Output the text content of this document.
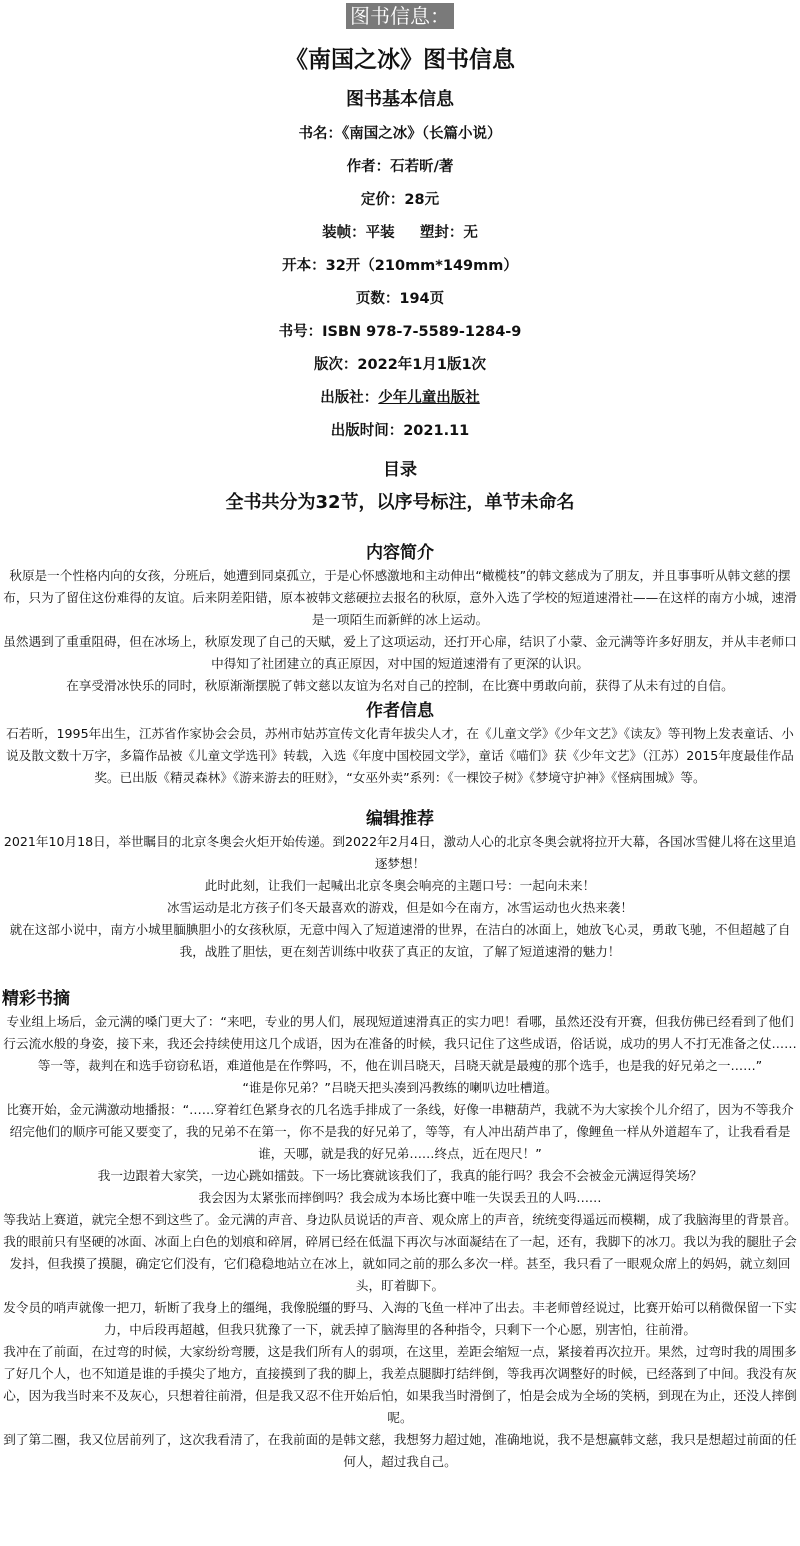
图书信息：
《南国之冰》图书信息
图书基本信息
书名：《南国之冰》（长篇小说）
作者：石若昕/著
定价：28元
装帧：平装 塑封：无
开本：32开（210mm*149mm）
页数：194页
书号：ISBN 978-7-5589-1284-9
版次：2022年1月1版1次
出版社：少年儿童出版社
出版时间：2021.11
目录
全书共分为32节，以序号标注，单节未命名
内容简介

秋原是一个性格内向的女孩，分班后，她遭到同桌孤立，于是心怀感激地和主动伸出“橄榄枝”的韩文慈成为了朋友，并且事事听从韩文慈的摆布，只为了留住这份难得的友谊。后来阴差阳错，原本被韩文慈硬拉去报名的秋原，意外入选了学校的短道速滑社——在这样的南方小城，速滑是一项陌生而新鲜的冰上运动。

虽然遇到了重重阻碍，但在冰场上，秋原发现了自己的天赋，爱上了这项运动，还打开心扉，结识了小蒙、金元满等许多好朋友，并从丰老师口中得知了社团建立的真正原因，对中国的短道速滑有了更深的认识。

在享受滑冰快乐的同时，秋原渐渐摆脱了韩文慈以友谊为名对自己的控制，在比赛中勇敢向前，获得了从未有过的自信。

作者信息

石若昕，1995年出生，江苏省作家协会会员，苏州市姑苏宣传文化青年拔尖人才，在《儿童文学》《少年文艺》《读友》等刊物上发表童话、小说及散文数十万字，多篇作品被《儿童文学选刊》转载，入选《年度中国校园文学》，童话《喵们》获《少年文艺》（江苏）2015年度最佳作品奖。已出版《精灵森林》《游来游去的旺财》，“女巫外卖”系列：《一棵饺子树》《梦境守护神》《怪病围城》等。

编辑推荐

2021年10月18日，举世瞩目的北京冬奥会火炬开始传递。到2022年2月4日，激动人心的北京冬奥会就将拉开大幕，各国冰雪健儿将在这里追逐梦想！

此时此刻，让我们一起喊出北京冬奥会响亮的主题口号：一起向未来！

冰雪运动是北方孩子们冬天最喜欢的游戏，但是如今在南方，冰雪运动也火热来袭！

就在这部小说中，南方小城里腼腆胆小的女孩秋原，无意中闯入了短道速滑的世界，在洁白的冰面上，她放飞心灵，勇敢飞驰，不但超越了自我，战胜了胆怯，更在刻苦训练中收获了真正的友谊，了解了短道速滑的魅力！

精彩书摘

专业组上场后，金元满的嗓门更大了：“来吧，专业的男人们，展现短道速滑真正的实力吧！看哪，虽然还没有开赛，但我仿佛已经看到了他们行云流水般的身姿，接下来，我还会持续使用这几个成语，因为在准备的时候，我只记住了这些成语，俗话说，成功的男人不打无准备之仗……等一等，裁判在和选手窃窃私语，难道他是在作弊吗，不，他在训吕晓天，吕晓天就是最瘦的那个选手，也是我的好兄弟之一……”

“谁是你兄弟？”吕晓天把头凑到冯教练的喇叭边吐槽道。

比赛开始，金元满激动地播报：“……穿着红色紧身衣的几名选手排成了一条线，好像一串糖葫芦，我就不为大家挨个儿介绍了，因为不等我介绍完他们的顺序可能又要变了，我的兄弟不在第一，你不是我的好兄弟了，等等，有人冲出葫芦串了，像鲤鱼一样从外道超车了，让我看看是谁，天哪，就是我的好兄弟……终点，近在咫尺！”

我一边跟着大家笑，一边心跳如擂鼓。下一场比赛就该我们了，我真的能行吗？我会不会被金元满逗得笑场？

我会因为太紧张而摔倒吗？我会成为本场比赛中唯一失误丢丑的人吗……

等我站上赛道，就完全想不到这些了。金元满的声音、身边队员说话的声音、观众席上的声音，统统变得遥远而模糊，成了我脑海里的背景音。我的眼前只有坚硬的冰面、冰面上白色的划痕和碎屑，碎屑已经在低温下再次与冰面凝结在了一起，还有，我脚下的冰刀。我以为我的腿肚子会发抖，但我摸了摸腿，确定它们没有，它们稳稳地站立在冰上，就如同之前的那么多次一样。甚至，我只看了一眼观众席上的妈妈，就立刻回头，盯着脚下。

发令员的哨声就像一把刀，斩断了我身上的缰绳，我像脱缰的野马、入海的飞鱼一样冲了出去。丰老师曾经说过，比赛开始可以稍微保留一下实力，中后段再超越，但我只犹豫了一下，就丢掉了脑海里的各种指令，只剩下一个心愿，别害怕，往前滑。

我冲在了前面，在过弯的时候，大家纷纷弯腰，这是我们所有人的弱项，在这里，差距会缩短一点，紧接着再次拉开。果然，过弯时我的周围多了好几个人，也不知道是谁的手摸尖了地方，直接摸到了我的脚上，我差点腿脚打结绊倒，等我再次调整好的时候，已经落到了中间。我没有灰心，因为我当时来不及灰心，只想着往前滑，但是我又忍不住开始后怕，如果我当时滑倒了，怕是会成为全场的笑柄，到现在为止，还没人摔倒呢。

到了第二圈，我又位居前列了，这次我看清了，在我前面的是韩文慈，我想努力超过她，准确地说，我不是想赢韩文慈，我只是想超过前面的任何人，超过我自己。
